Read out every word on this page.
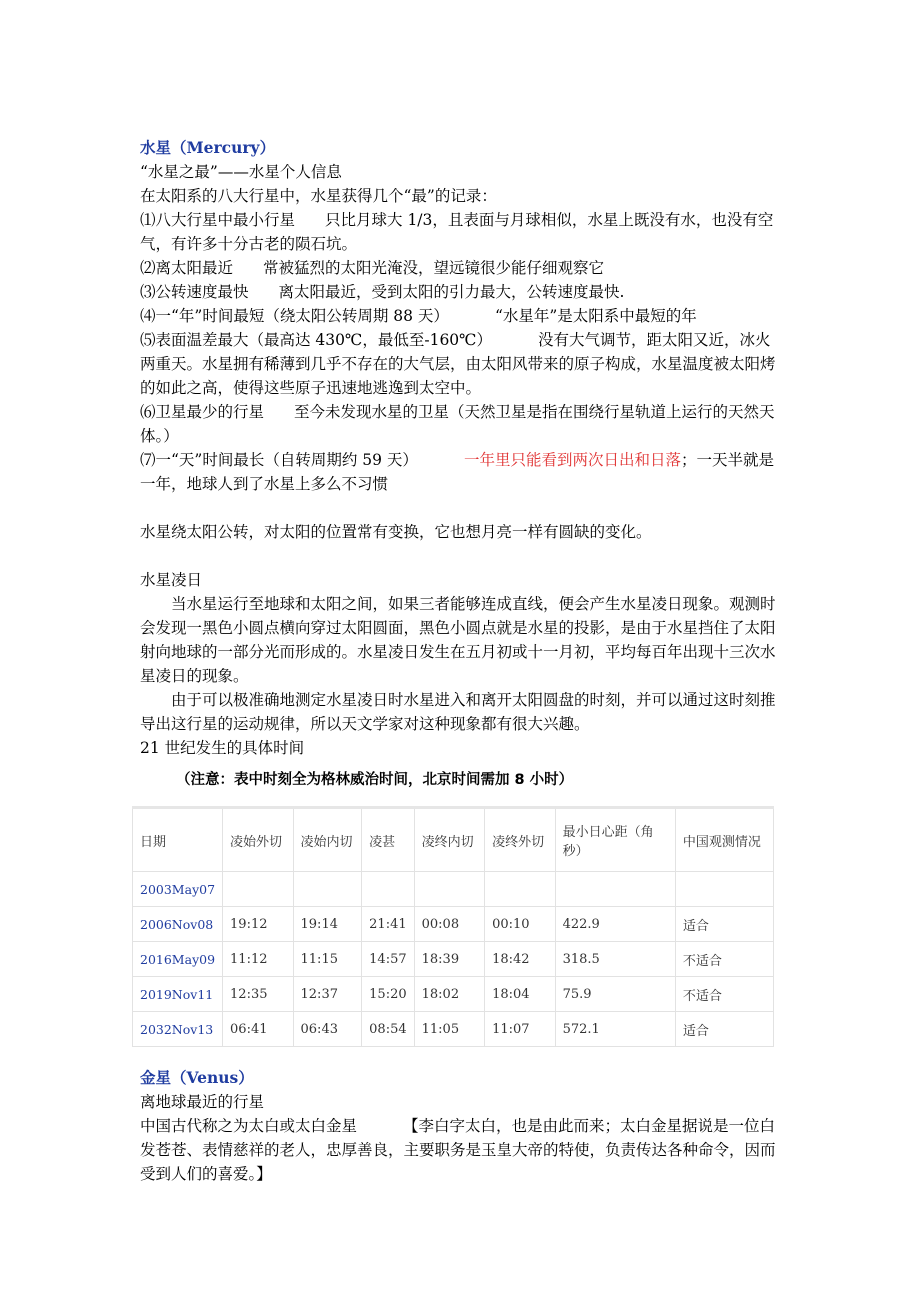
水星（Mercury）

“水星之最”——水星个人信息

在太阳系的八大行星中，水星获得几个“最”的记录：

⑴八大行星中最小行星 只比月球大 1/3，且表面与月球相似，水星上既没有水，也没有空气，有许多十分古老的陨石坑。

⑵离太阳最近 常被猛烈的太阳光淹没，望远镜很少能仔细观察它

⑶公转速度最快 离太阳最近，受到太阳的引力最大，公转速度最快.

⑷一“年”时间最短（绕太阳公转周期 88 天）	“水星年”是太阳系中最短的年

⑸表面温差最大（最高达 430℃，最低至-160℃）	没有大气调节，距太阳又近，冰火两重天。水星拥有稀薄到几乎不存在的大气层，由太阳风带来的原子构成，水星温度被太阳烤的如此之高，使得这些原子迅速地逃逸到太空中。

⑹卫星最少的行星 至今未发现水星的卫星（天然卫星是指在围绕行星轨道上运行的天然天体。）

⑺一“天”时间最长（自转周期约 59 天）	一年里只能看到两次日出和日落；一天半就是一年，地球人到了水星上多么不习惯

水星绕太阳公转，对太阳的位置常有变换，它也想月亮一样有圆缺的变化。

水星凌日

当水星运行至地球和太阳之间，如果三者能够连成直线，便会产生水星凌日现象。观测时会发现一黑色小圆点横向穿过太阳圆面，黑色小圆点就是水星的投影，是由于水星挡住了太阳射向地球的一部分光而形成的。水星凌日发生在五月初或十一月初，平均每百年出现十三次水星凌日的现象。

由于可以极准确地测定水星凌日时水星进入和离开太阳圆盘的时刻，并可以通过这时刻推导出这行星的运动规律，所以天文学家对这种现象都有很大兴趣。

21 世纪发生的具体时间

（注意：表中时刻全为格林威治时间，北京时间需加 8 小时）

日期	凌始外切	凌始内切	凌甚	凌终内切	凌终外切	最小日心距（角秒）	中国观测情况
2003May07							
2006Nov08	19:12	19:14	21:41	00:08	00:10	422.9	适合
2016May09	11:12	11:15	14:57	18:39	18:42	318.5	不适合
2019Nov11	12:35	12:37	15:20	18:02	18:04	75.9	不适合
2032Nov13	06:41	06:43	08:54	11:05	11:07	572.1	适合

金星（Venus）

离地球最近的行星

中国古代称之为太白或太白金星	【李白字太白，也是由此而来；太白金星据说是一位白发苍苍、表情慈祥的老人，忠厚善良，主要职务是玉皇大帝的特使，负责传达各种命令，因而受到人们的喜爱。】
